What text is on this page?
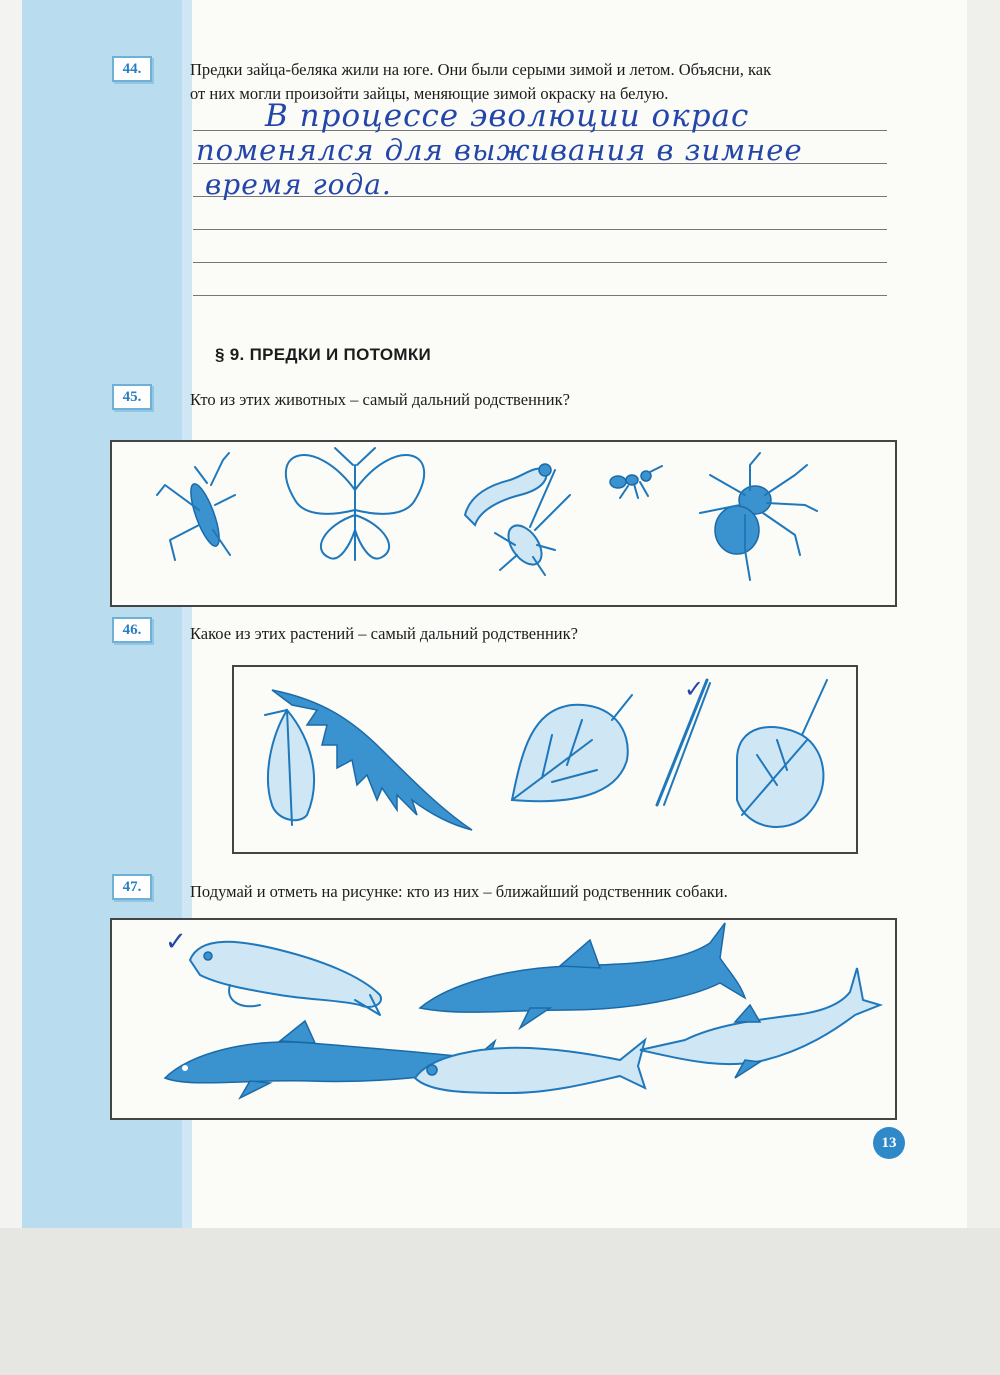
44.	Предки зайца-беляка жили на юге. Они были серыми зимой и летом. Объясни, как
от них могли произойти зайцы, меняющие зимой окраску на белую.
В процессе эволюции окрас
поменялся для выживания в зимнее
время года.
§ 9. ПРЕДКИ И ПОТОМКИ
45.	Кто из этих животных – самый дальний родственник?
46.	Какое из этих растений – самый дальний родственник?
✓
47.	Подумай и отметь на рисунке: кто из них – ближайший родственник собаки.
✓
13
